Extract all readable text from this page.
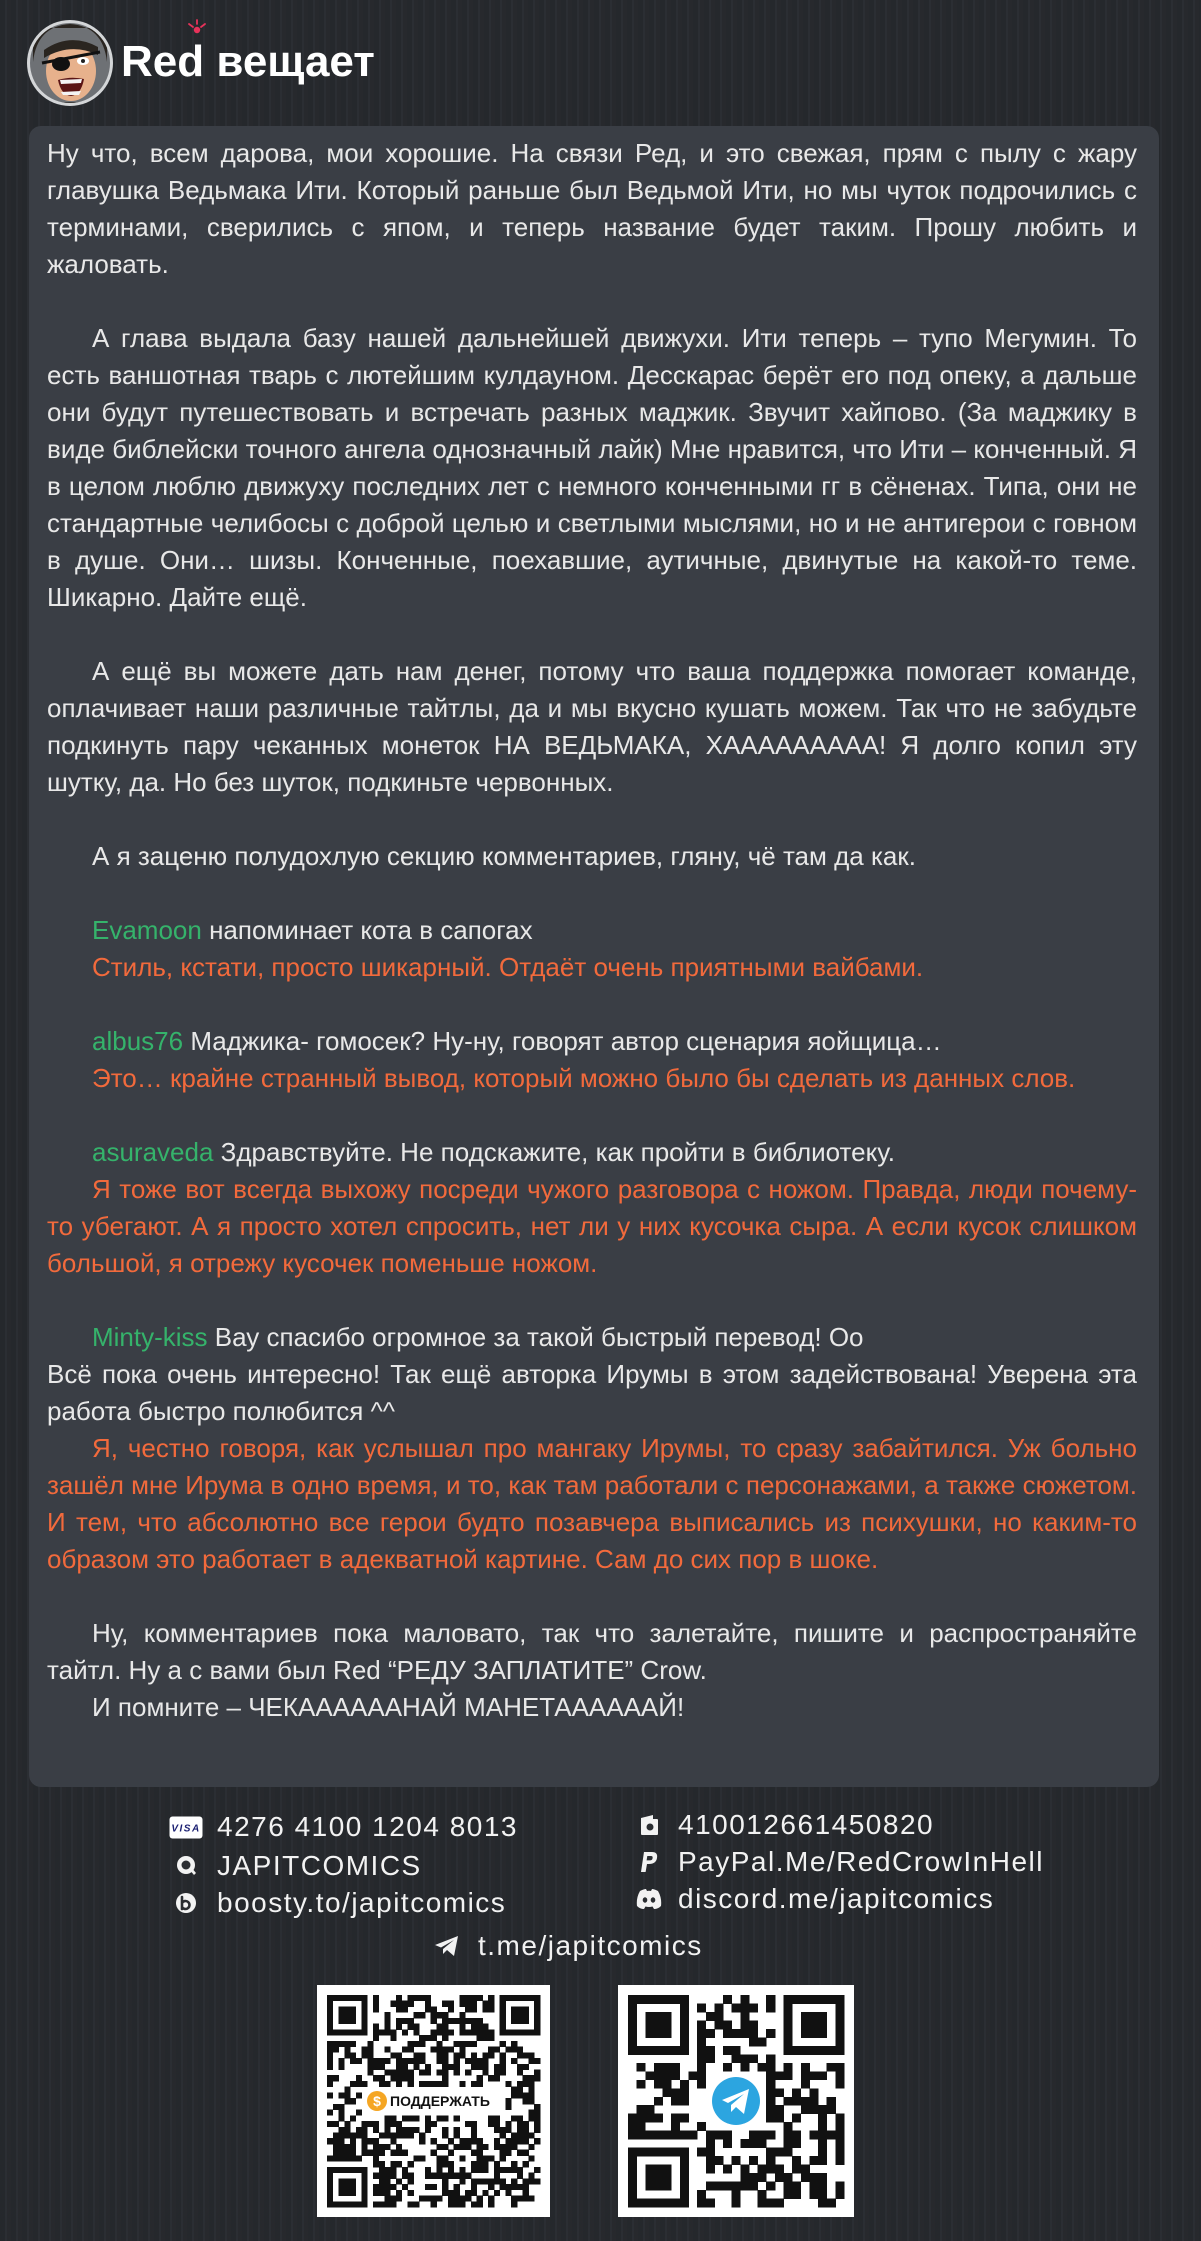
Red вещает

Ну что, всем дарова, мои хорошие. На связи Ред, и это свежая, прям с пылу с жару главушка Ведьмака Ити. Который раньше был Ведьмой Ити, но мы чуток подрочились с терминами, сверились с япом, и теперь название будет таким. Прошу любить и жаловать.

А глава выдала базу нашей дальнейшей движухи. Ити теперь – тупо Мегумин. То есть ваншотная тварь с лютейшим кулдауном. Десскарас берёт его под опеку, а дальше они будут путешествовать и встречать разных маджик. Звучит хайпово. (За маджику в виде библейски точного ангела однозначный лайк) Мне нравится, что Ити – конченный. Я в целом люблю движуху последних лет с немного конченными гг в сёненах. Типа, они не стандартные челибосы с доброй целью и светлыми мыслями, но и не антигерои с говном в душе. Они… шизы. Конченные, поехавшие, аутичные, двинутые на какой-то теме. Шикарно. Дайте ещё.

А ещё вы можете дать нам денег, потому что ваша поддержка помогает команде, оплачивает наши различные тайтлы, да и мы вкусно кушать можем. Так что не забудьте подкинуть пару чеканных монеток НА ВЕДЬМАКА, ХААААААААА! Я долго копил эту шутку, да. Но без шуток, подкиньте червонных.

А я заценю полудохлую секцию комментариев, гляну, чё там да как.

Evamoon напоминает кота в сапогах

Стиль, кстати, просто шикарный. Отдаёт очень приятными вайбами.

albus76 Маджика- гомосек? Ну-ну, говорят автор сценария яойщица…

Это… крайне странный вывод, который можно было бы сделать из данных слов.

asuraveda Здравствуйте. Не подскажите, как пройти в библиотеку.

Я тоже вот всегда выхожу посреди чужого разговора с ножом. Правда, люди почему-то убегают. А я просто хотел спросить, нет ли у них кусочка сыра. А если кусок слишком большой, я отрежу кусочек поменьше ножом.

Minty-kiss Вау спасибо огромное за такой быстрый перевод! Оо
Всё пока очень интересно! Так ещё авторка Ирумы в этом задействована! Уверена эта работа быстро полюбится ^^

Я, честно говоря, как услышал про мангаку Ирумы, то сразу забайтился. Уж больно зашёл мне Ирума в одно время, и то, как там работали с персонажами, а также сюжетом. И тем, что абсолютно все герои будто позавчера выписались из психушки, но каким-то образом это работает в адекватной картине. Сам до сих пор в шоке.

Ну, комментариев пока маловато, так что залетайте, пишите и распространяйте тайтл. Ну а с вами был Red “РЕДУ ЗАПЛАТИТЕ” Crow.

И помните – ЧЕКААААААНАЙ МАНЕТААААААЙ!

VISA 4276 4100 1204 8013
JAPITCOMICS
boosty.to/japitcomics
410012661450820
PayPal.Me/RedCrowInHell
discord.me/japitcomics
t.me/japitcomics
$ ПОДДЕРЖАТЬ
